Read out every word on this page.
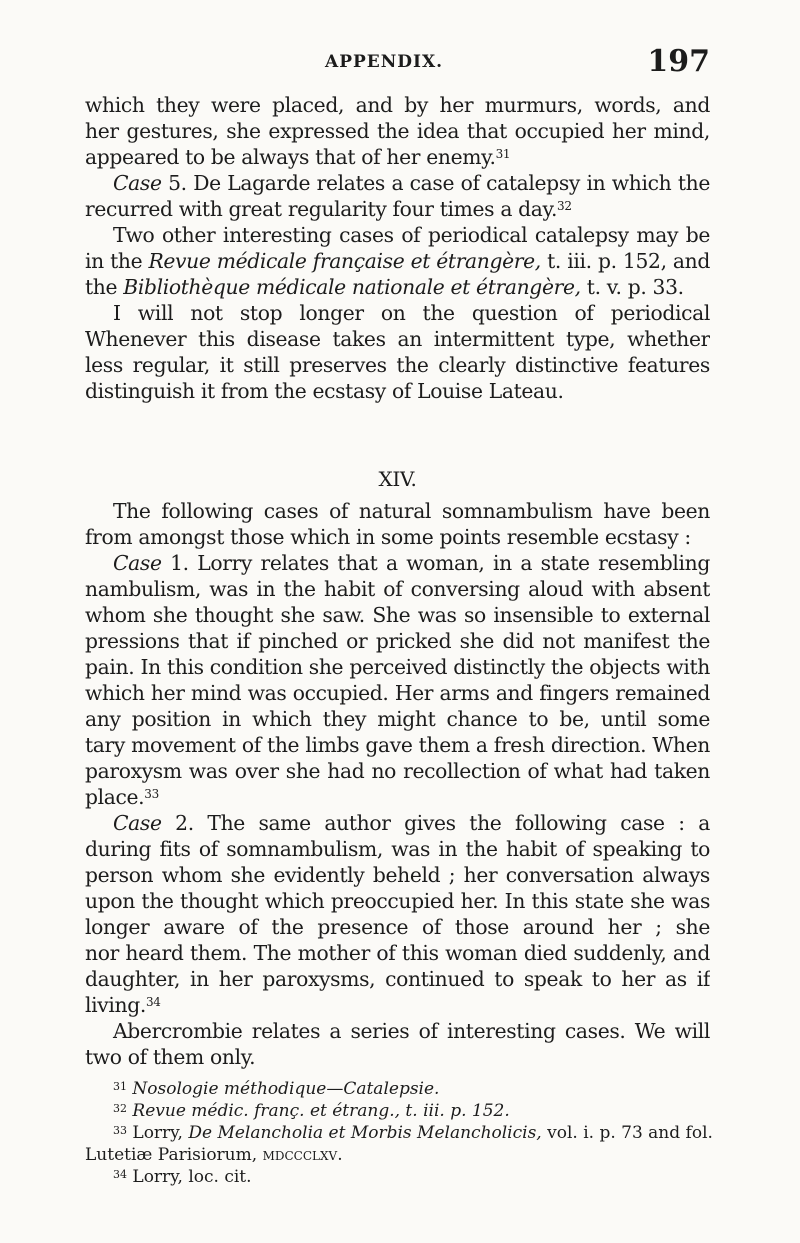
APPENDIX.	197
which they were placed, and by her murmurs, words, and
her gestures, she expressed the idea that occupied her mind,
appeared to be always that of her enemy.$^{31}$
Case 5. De Lagarde relates a case of catalepsy in which the
recurred with great regularity four times a day.$^{32}$
Two other interesting cases of periodical catalepsy may be
in the Revue médicale française et étrangère, t. iii. p. 152, and
the Bibliothèque médicale nationale et étrangère, t. v. p. 33.
I will not stop longer on the question of periodical
Whenever this disease takes an intermittent type, whether
less regular, it still preserves the clearly distinctive features
distinguish it from the ecstasy of Louise Lateau.
XIV.
The following cases of natural somnambulism have been
from amongst those which in some points resemble ecstasy :
Case 1. Lorry relates that a woman, in a state resembling
nambulism, was in the habit of conversing aloud with absent
whom she thought she saw. She was so insensible to external
pressions that if pinched or pricked she did not manifest the
pain. In this condition she perceived distinctly the objects with
which her mind was occupied. Her arms and fingers remained
any position in which they might chance to be, until some
tary movement of the limbs gave them a fresh direction. When
paroxysm was over she had no recollection of what had taken
place.$^{33}$
Case 2. The same author gives the following case : a
during fits of somnambulism, was in the habit of speaking to
person whom she evidently beheld ; her conversation always
upon the thought which preoccupied her. In this state she was
longer aware of the presence of those around her ; she
nor heard them. The mother of this woman died suddenly, and
daughter, in her paroxysms, continued to speak to her as if
living.$^{34}$
Abercrombie relates a series of interesting cases. We will
two of them only.
$^{31}$ Nosologie méthodique—Catalepsie.
$^{32}$ Revue médic. franç. et étrang., t. iii. p. 152.
$^{33}$ Lorry, De Melancholia et Morbis Melancholicis, vol. i. p. 73 and fol.
Lutetiæ Parisiorum, mdccclxv.
$^{34}$ Lorry, loc. cit.
